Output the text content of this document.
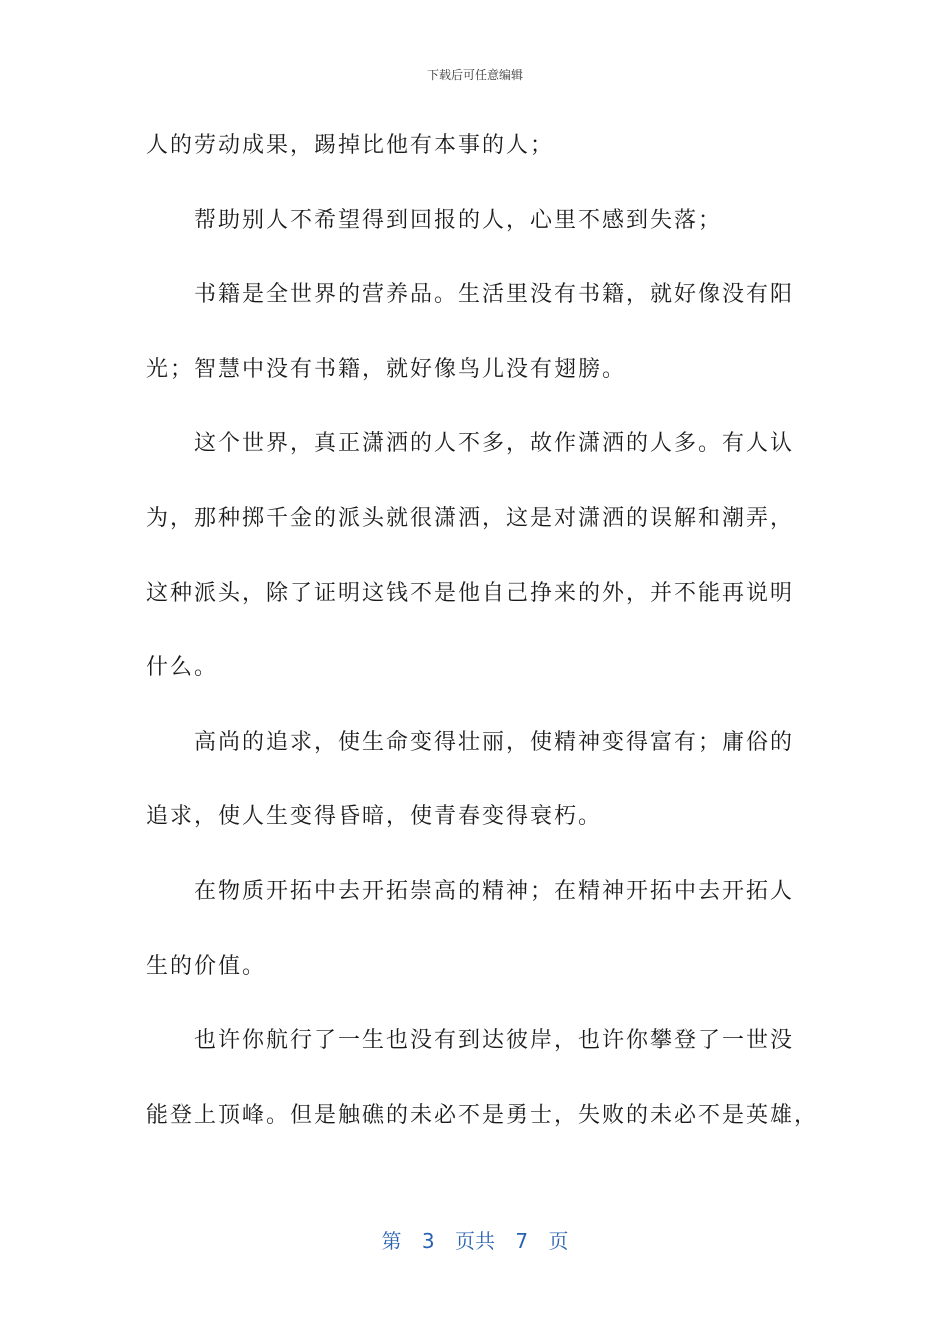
下载后可任意编辑
人的劳动成果，踢掉比他有本事的人；
帮助别人不希望得到回报的人，心里不感到失落；
书籍是全世界的营养品。生活里没有书籍，就好像没有阳
光；智慧中没有书籍，就好像鸟儿没有翅膀。
这个世界，真正潇洒的人不多，故作潇洒的人多。有人认
为，那种掷千金的派头就很潇洒，这是对潇洒的误解和潮弄，
这种派头，除了证明这钱不是他自己挣来的外，并不能再说明
什么。
高尚的追求，使生命变得壮丽，使精神变得富有；庸俗的
追求，使人生变得昏暗，使青春变得衰朽。
在物质开拓中去开拓崇高的精神；在精神开拓中去开拓人
生的价值。
也许你航行了一生也没有到达彼岸，也许你攀登了一世没
能登上顶峰。但是触礁的未必不是勇士，失败的未必不是英雄，
第 3 页共 7 页
